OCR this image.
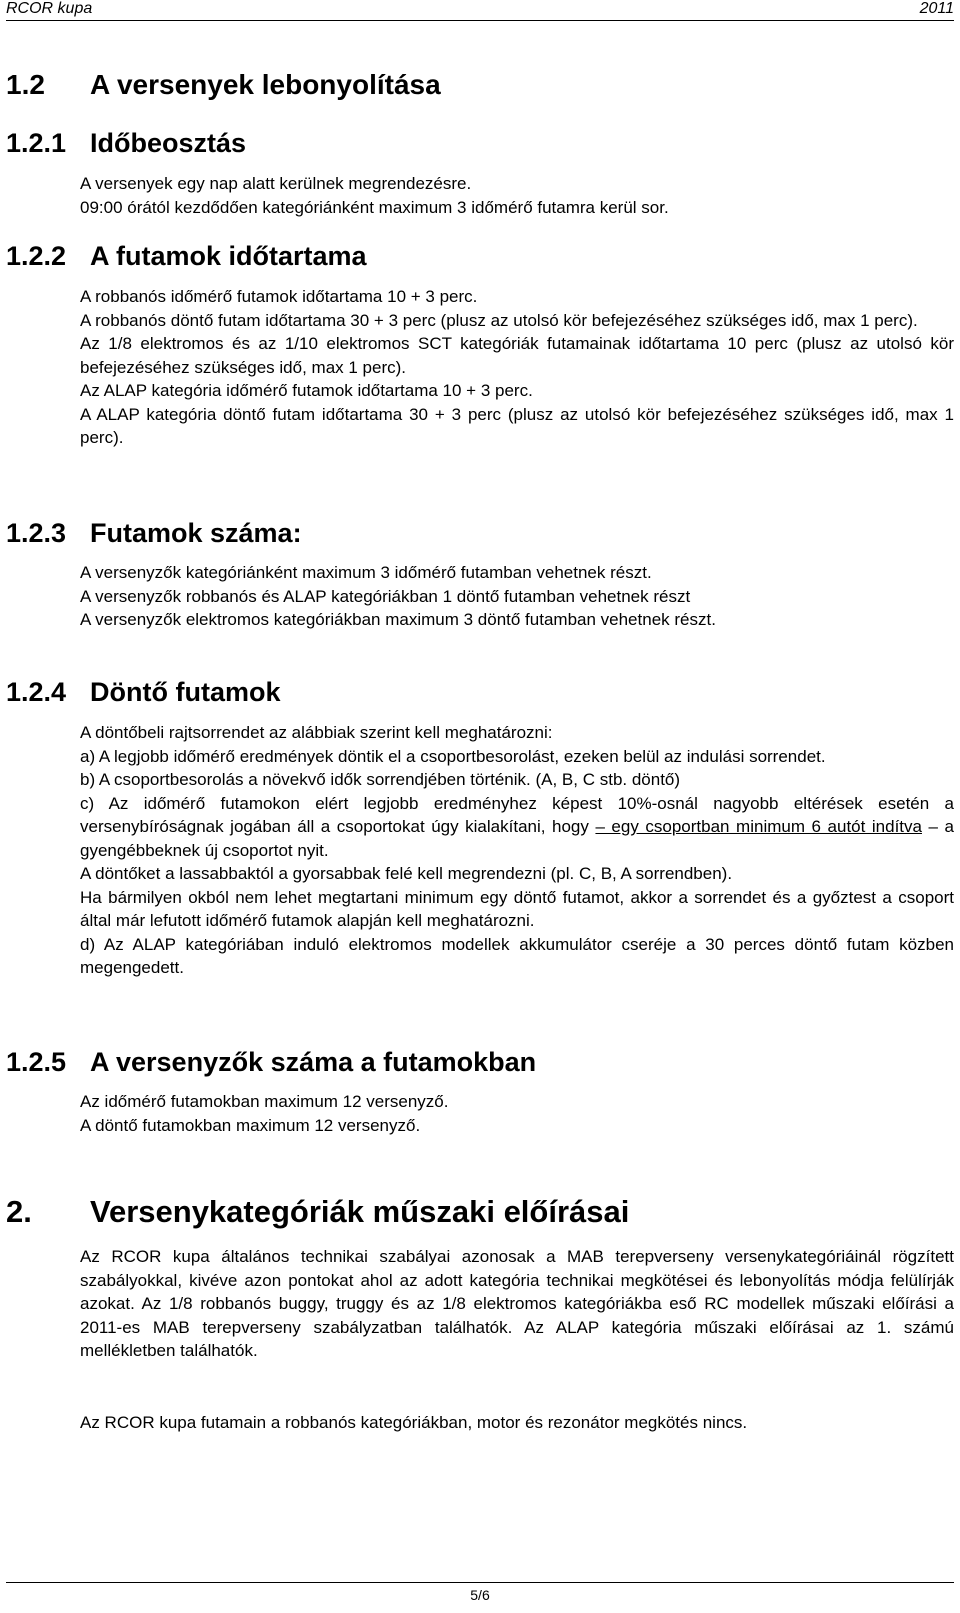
RCOR kupa	2011
1.2 A versenyek lebonyolítása
1.2.1 Időbeosztás

A versenyek egy nap alatt kerülnek megrendezésre.
09:00 órától kezdődően kategóriánként maximum 3 időmérő futamra kerül sor.

1.2.2 A futamok időtartama
A robbanós időmérő futamok időtartama 10 + 3 perc.
A robbanós döntő futam időtartama 30 + 3 perc (plusz az utolsó kör befejezéséhez szükséges idő, max 1 perc).
Az 1/8 elektromos és az 1/10 elektromos SCT kategóriák futamainak időtartama 10 perc (plusz az utolsó kör befejezéséhez szükséges idő, max 1 perc).
Az ALAP kategória időmérő futamok időtartama 10 + 3 perc.
A ALAP kategória döntő futam időtartama 30 + 3 perc (plusz az utolsó kör befejezéséhez szükséges idő, max 1 perc).
1.2.3 Futamok száma:

A versenyzők kategóriánként maximum 3 időmérő futamban vehetnek részt.
A versenyzők robbanós és ALAP kategóriákban 1 döntő futamban vehetnek részt
A versenyzők elektromos kategóriákban maximum 3 döntő futamban vehetnek részt.

1.2.4 Döntő futamok
A döntőbeli rajtsorrendet az alábbiak szerint kell meghatározni:
a) A legjobb időmérő eredmények döntik el a csoportbesorolást, ezeken belül az indulási sorrendet.
b) A csoportbesorolás a növekvő idők sorrendjében történik. (A, B, C stb. döntő)
c) Az időmérő futamokon elért legjobb eredményhez képest 10%-osnál nagyobb eltérések esetén a versenybíróságnak jogában áll a csoportokat úgy kialakítani, hogy – egy csoportban minimum 6 autót indítva – a gyengébbeknek új csoportot nyit.
A döntőket a lassabbaktól a gyorsabbak felé kell megrendezni (pl. C, B, A sorrendben).
Ha bármilyen okból nem lehet megtartani minimum egy döntő futamot, akkor a sorrendet és a győztest a csoport által már lefutott időmérő futamok alapján kell meghatározni.
d) Az ALAP kategóriában induló elektromos modellek akkumulátor cseréje a 30 perces döntő futam közben megengedett.
1.2.5 A versenyzők száma a futamokban

Az időmérő futamokban maximum 12 versenyző.
A döntő futamokban maximum 12 versenyző.

2. Versenykategóriák műszaki előírásai
Az RCOR kupa általános technikai szabályai azonosak a MAB terepverseny versenykategóriáinál rögzített szabályokkal, kivéve azon pontokat ahol az adott kategória technikai megkötései és lebonyolítás módja felülírják azokat. Az 1/8 robbanós buggy, truggy és az 1/8 elektromos kategóriákba eső RC modellek műszaki előírási a 2011-es MAB terepverseny szabályzatban találhatók. Az ALAP kategória műszaki előírásai az 1. számú mellékletben találhatók.
Az RCOR kupa futamain a robbanós kategóriákban, motor és rezonátor megkötés nincs.
5/6
